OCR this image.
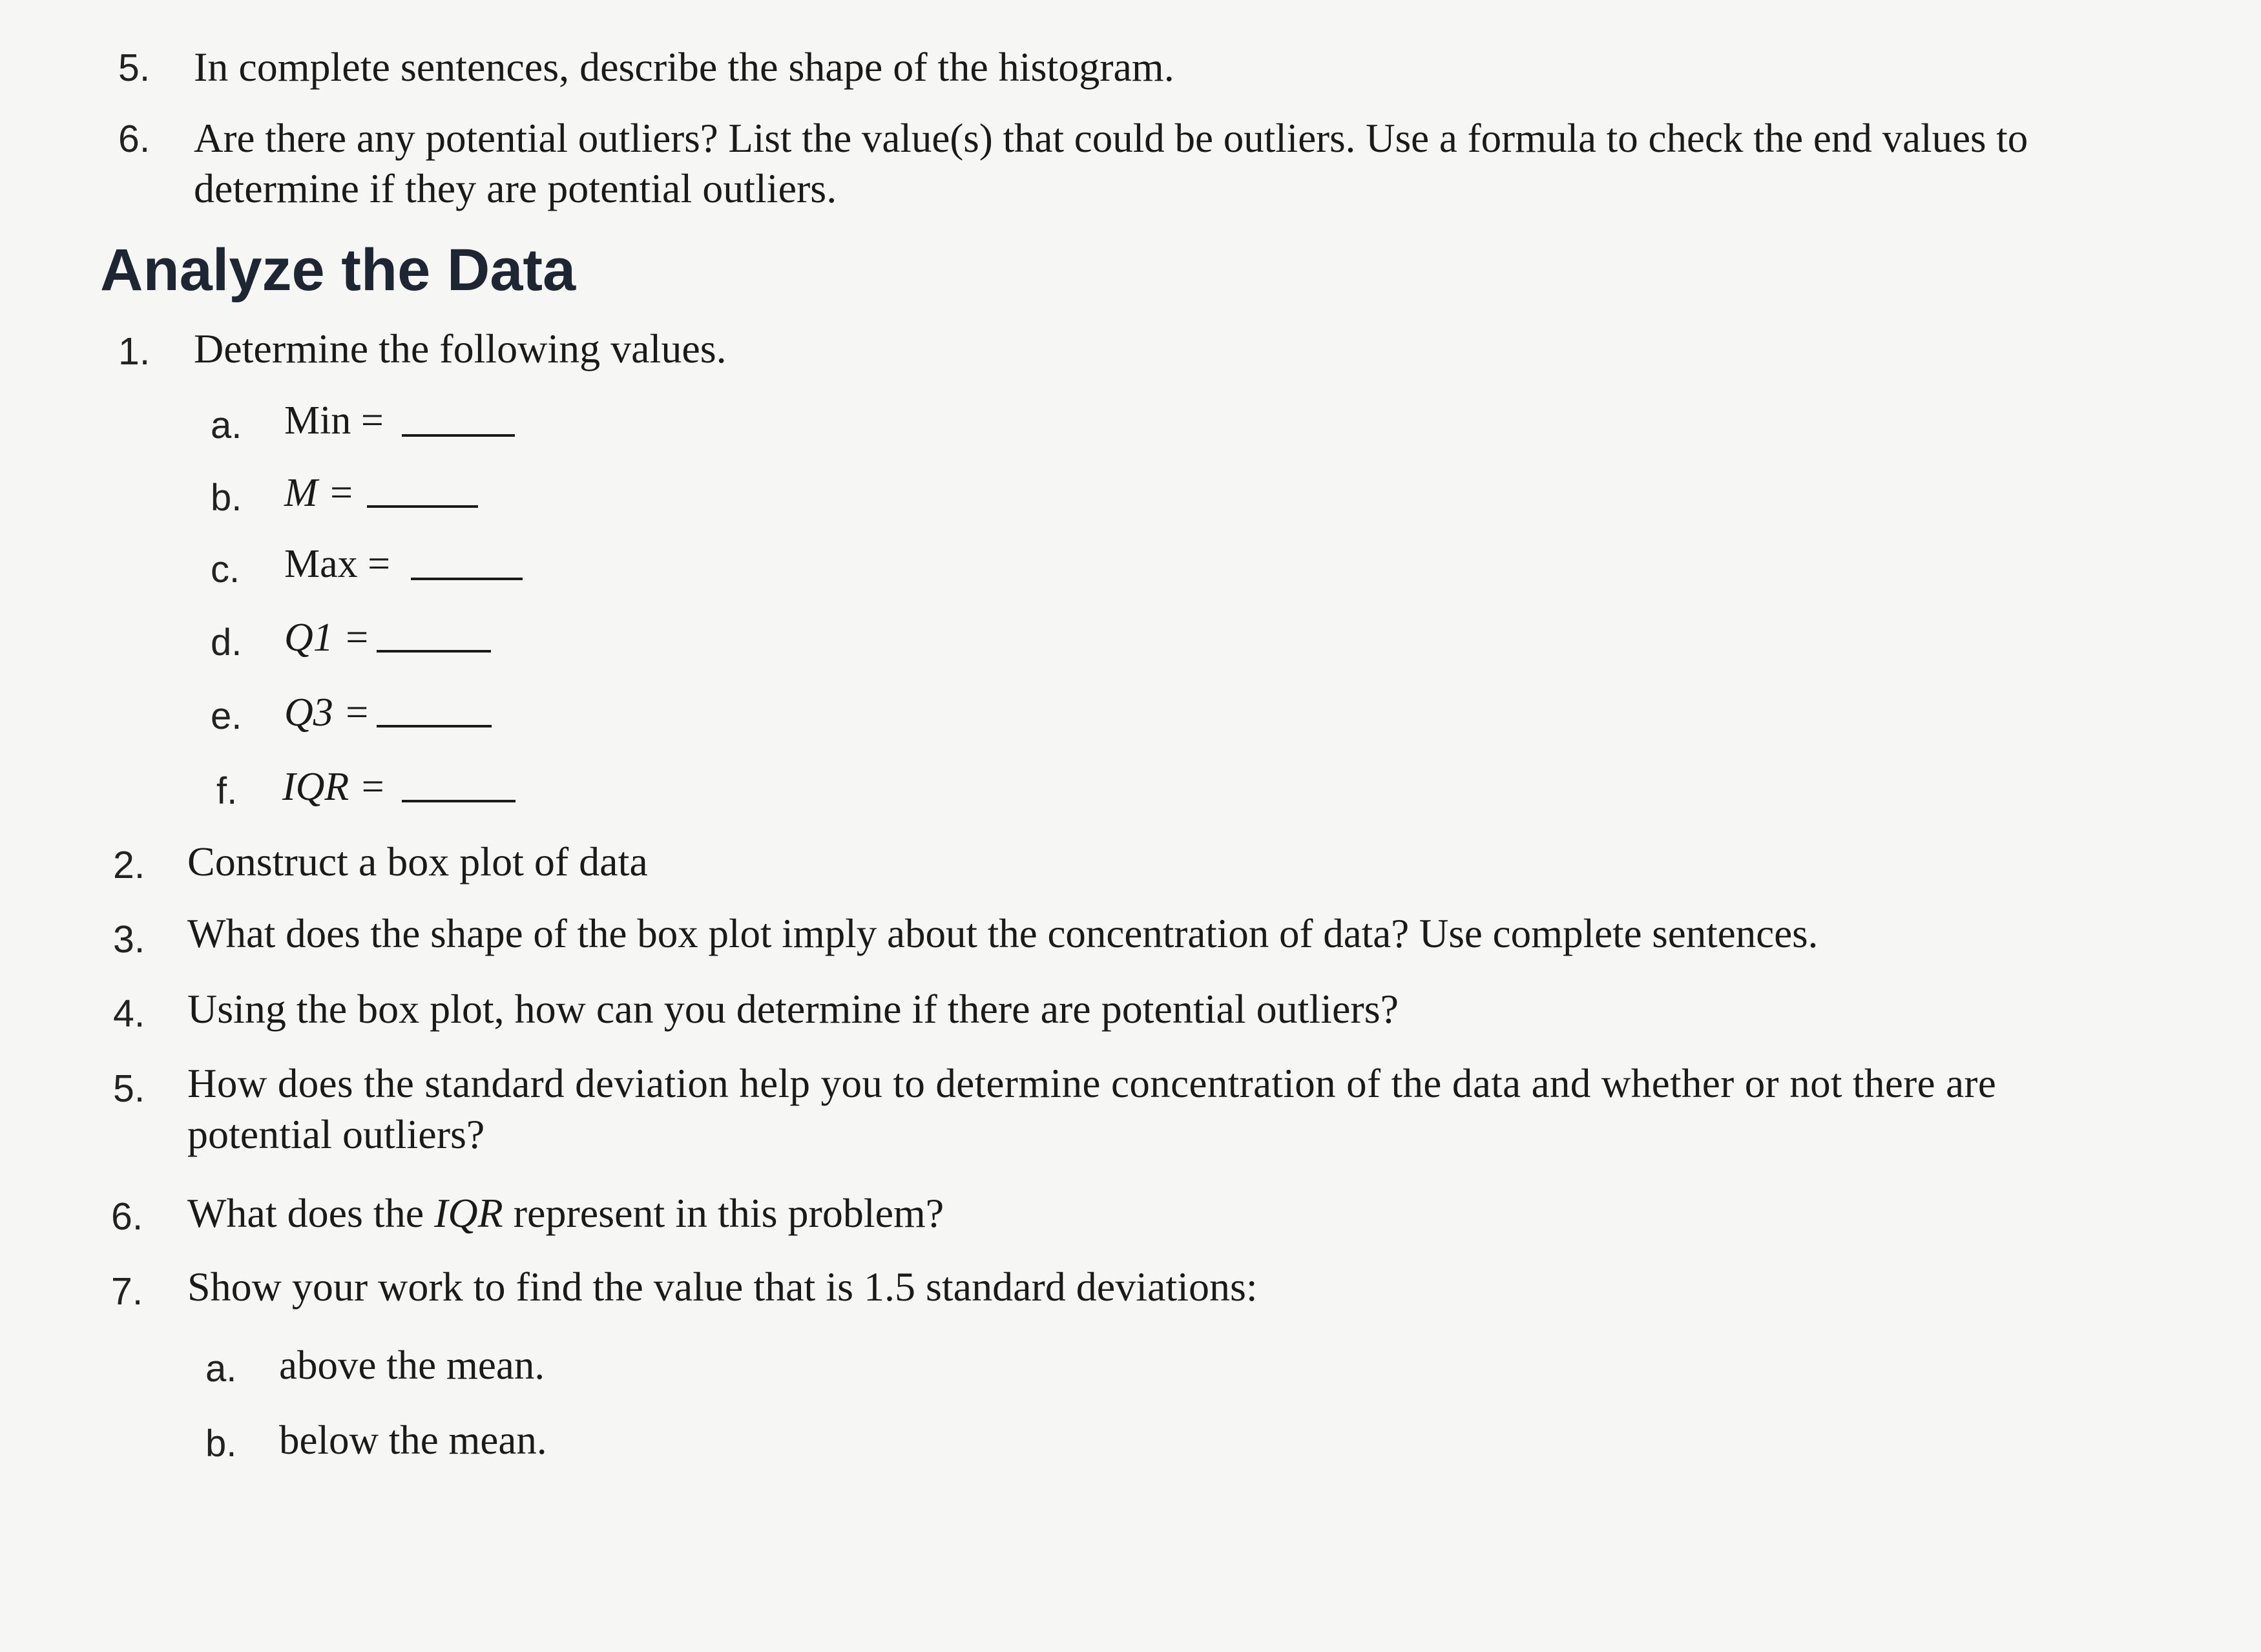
5. In complete sentences, describe the shape of the histogram.
6. Are there any potential outliers? List the value(s) that could be outliers. Use a formula to check the end values to
determine if they are potential outliers.
Analyze the Data
1. Determine the following values.
a. Min =
b. M =
c. Max =
d. Q1 =
e. Q3 =
f. IQR =
2. Construct a box plot of data
3. What does the shape of the box plot imply about the concentration of data? Use complete sentences.
4. Using the box plot, how can you determine if there are potential outliers?
5. How does the standard deviation help you to determine concentration of the data and whether or not there are
potential outliers?
6. What does the IQR represent in this problem?
7. Show your work to find the value that is 1.5 standard deviations:
a. above the mean.
b. below the mean.
